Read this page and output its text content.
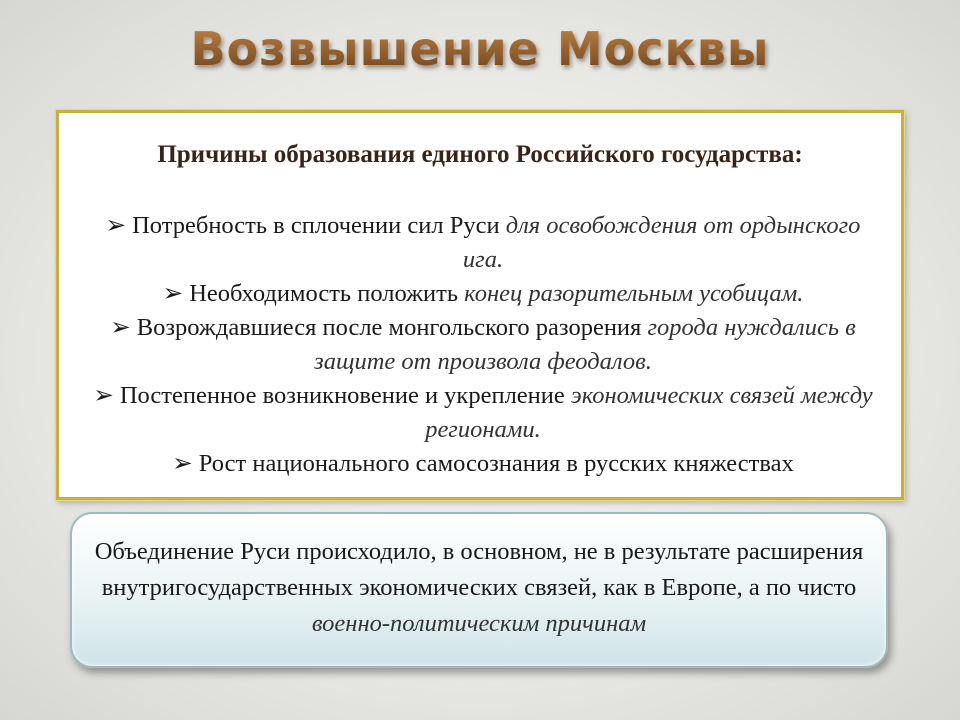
Возвышение Москвы
Причины образования единого Российского государства:
➢ Потребность в сплочении сил Руси для освобождения от ордынского ига.
➢ Необходимость положить конец разорительным усобицам.
➢ Возрождавшиеся после монгольского разорения города нуждались в защите от произвола феодалов.
➢ Постепенное возникновение и укрепление экономических связей между регионами.
➢ Рост национального самосознания в русских княжествах

Объединение Руси происходило, в основном, не в результате расширения внутригосударственных экономических связей, как в Европе, а по чисто военно-политическим причинам
